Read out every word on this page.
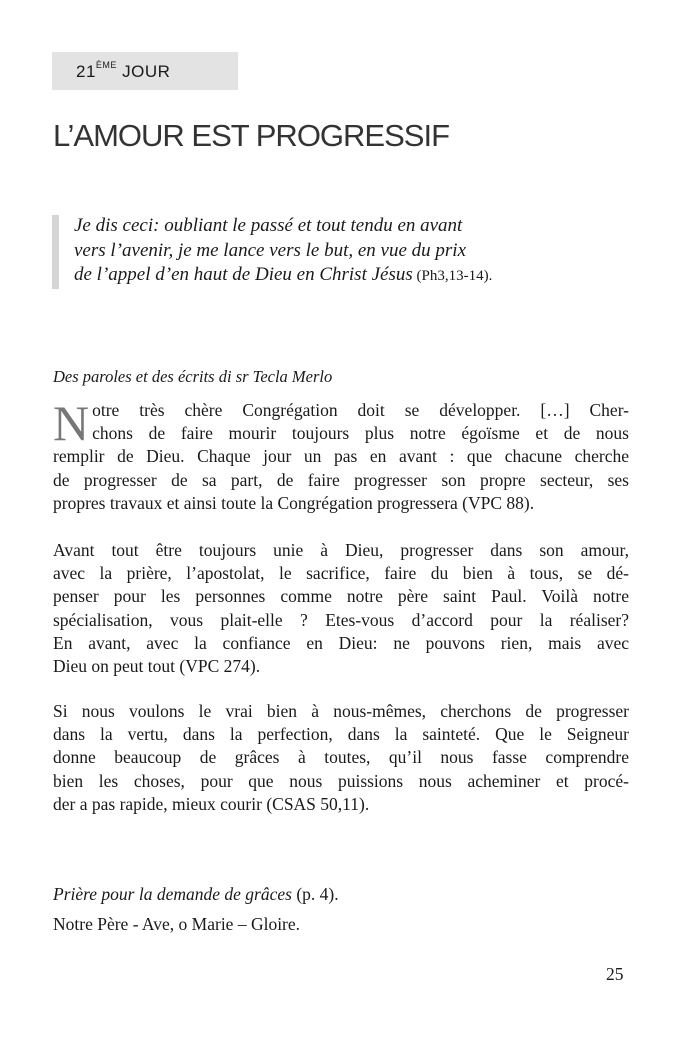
21ÈME JOUR
L’AMOUR EST PROGRESSIF
Je dis ceci: oubliant le passé et tout tendu en avant
vers l’avenir, je me lance vers le but, en vue du prix
de l’appel d’en haut de Dieu en Christ Jésus (Ph3,13-14).
Des paroles et des écrits di sr Tecla Merlo
N otre très chère Congrégation doit se développer. […] Cher-
chons de faire mourir toujours plus notre égoïsme et de nous
remplir de Dieu. Chaque jour un pas en avant : que chacune cherche
de progresser de sa part, de faire progresser son propre secteur, ses
propres travaux et ainsi toute la Congrégation progressera (VPC 88).
Avant tout être toujours unie à Dieu, progresser dans son amour,
avec la prière, l’apostolat, le sacrifice, faire du bien à tous, se dé-
penser pour les personnes comme notre père saint Paul. Voilà notre
spécialisation, vous plait-elle ? Etes-vous d’accord pour la réaliser?
En avant, avec la confiance en Dieu: ne pouvons rien, mais avec
Dieu on peut tout (VPC 274).
Si nous voulons le vrai bien à nous-mêmes, cherchons de progresser
dans la vertu, dans la perfection, dans la sainteté. Que le Seigneur
donne beaucoup de grâces à toutes, qu’il nous fasse comprendre
bien les choses, pour que nous puissions nous acheminer et procé-
der a pas rapide, mieux courir (CSAS 50,11).
Prière pour la demande de grâces (p. 4).
Notre Père - Ave, o Marie – Gloire.
25
